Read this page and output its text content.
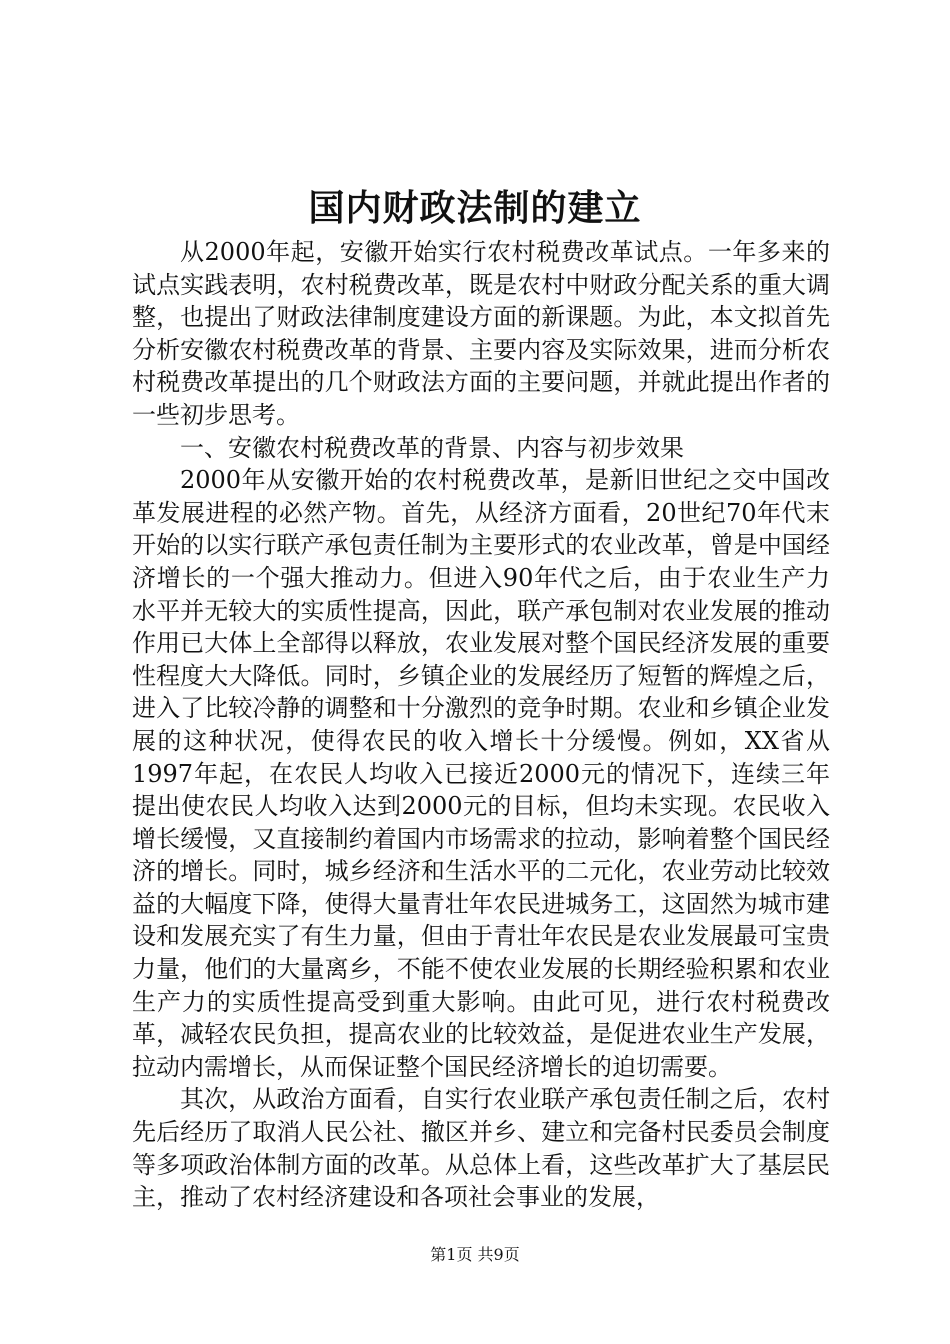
国内财政法制的建立

从2000年起，安徽开始实行农村税费改革试点。一年多来的试点实践表明，农村税费改革，既是农村中财政分配关系的重大调整，也提出了财政法律制度建设方面的新课题。为此，本文拟首先分析安徽农村税费改革的背景、主要内容及实际效果，进而分析农村税费改革提出的几个财政法方面的主要问题，并就此提出作者的一些初步思考。

一、安徽农村税费改革的背景、内容与初步效果

2000年从安徽开始的农村税费改革，是新旧世纪之交中国改革发展进程的必然产物。首先，从经济方面看，20世纪70年代末开始的以实行联产承包责任制为主要形式的农业改革，曾是中国经济增长的一个强大推动力。但进入90年代之后，由于农业生产力水平并无较大的实质性提高，因此，联产承包制对农业发展的推动作用已大体上全部得以释放，农业发展对整个国民经济发展的重要性程度大大降低。同时，乡镇企业的发展经历了短暂的辉煌之后，进入了比较冷静的调整和十分激烈的竞争时期。农业和乡镇企业发展的这种状况，使得农民的收入增长十分缓慢。例如，XX省从1997年起，在农民人均收入已接近2000元的情况下，连续三年提出使农民人均收入达到2000元的目标，但均未实现。农民收入增长缓慢，又直接制约着国内市场需求的拉动，影响着整个国民经济的增长。同时，城乡经济和生活水平的二元化，农业劳动比较效益的大幅度下降，使得大量青壮年农民进城务工，这固然为城市建设和发展充实了有生力量，但由于青壮年农民是农业发展最可宝贵力量，他们的大量离乡，不能不使农业发展的长期经验积累和农业生产力的实质性提高受到重大影响。由此可见，进行农村税费改革，减轻农民负担，提高农业的比较效益，是促进农业生产发展，拉动内需增长，从而保证整个国民经济增长的迫切需要。

其次，从政治方面看，自实行农业联产承包责任制之后，农村先后经历了取消人民公社、撤区并乡、建立和完备村民委员会制度等多项政治体制方面的改革。从总体上看，这些改革扩大了基层民主，推动了农村经济建设和各项社会事业的发展，

第1页 共9页
